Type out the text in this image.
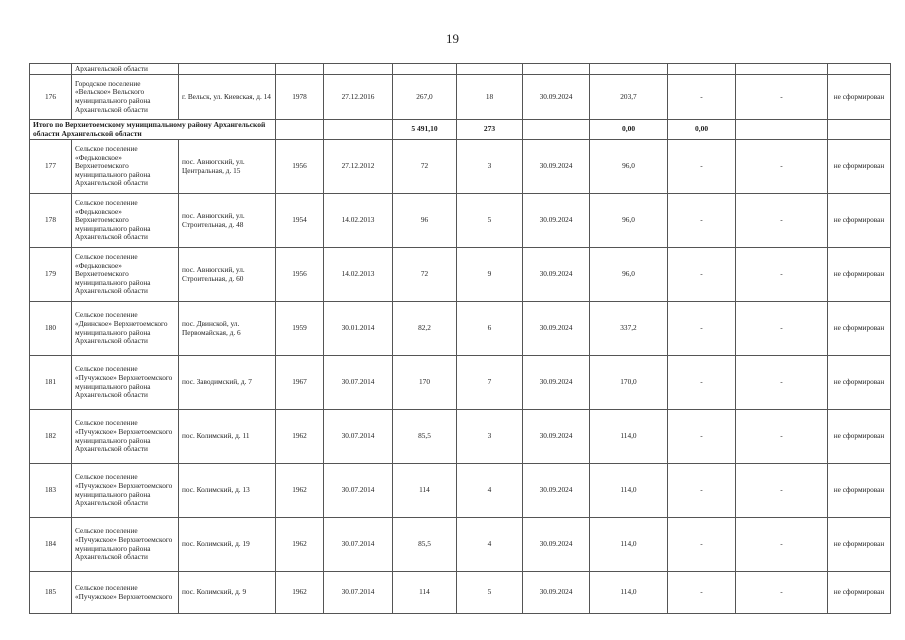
19
	Архангельской области										
176	Городское поселение «Вельское» Вельского муниципального района Архангельской области	г. Вельск, ул. Киевская, д. 14	1978	27.12.2016	267,0	18	30.09.2024	203,7	-	-	не сформирован
Итого по Верхнетоемскому муниципальному району Архангельской области Архангельской области					5 491,10	273		0,00	0,00		
177	Сельское поселение «Федьковское» Верхнетоемского муниципального района Архангельской области	пос. Авнюгский, ул. Центральная, д. 15	1956	27.12.2012	72	3	30.09.2024	96,0	-	-	не сформирован
178	Сельское поселение «Федьковское» Верхнетоемского муниципального района Архангельской области	пос. Авнюгский, ул. Строительная, д. 48	1954	14.02.2013	96	5	30.09.2024	96,0	-	-	не сформирован
179	Сельское поселение «Федьковское» Верхнетоемского муниципального района Архангельской области	пос. Авнюгский, ул. Строительная, д. 60	1956	14.02.2013	72	9	30.09.2024	96,0	-	-	не сформирован
180	Сельское поселение «Двинское» Верхнетоемского муниципального района Архангельской области	пос. Двинской, ул. Первомайская, д. 6	1959	30.01.2014	82,2	6	30.09.2024	337,2	-	-	не сформирован
181	Сельское поселение «Пучужское» Верхнетоемского муниципального района Архангельской области	пос. Заводимский, д. 7	1967	30.07.2014	170	7	30.09.2024	170,0	-	-	не сформирован
182	Сельское поселение «Пучужское» Верхнетоемского муниципального района Архангельской области	пос. Колимский, д. 11	1962	30.07.2014	85,5	3	30.09.2024	114,0	-	-	не сформирован
183	Сельское поселение «Пучужское» Верхнетоемского муниципального района Архангельской области	пос. Колимский, д. 13	1962	30.07.2014	114	4	30.09.2024	114,0	-	-	не сформирован
184	Сельское поселение «Пучужское» Верхнетоемского муниципального района Архангельской области	пос. Колимский, д. 19	1962	30.07.2014	85,5	4	30.09.2024	114,0	-	-	не сформирован
185	Сельское поселение «Пучужское» Верхнетоемского	пос. Колимский, д. 9	1962	30.07.2014	114	5	30.09.2024	114,0	-	-	не сформирован
